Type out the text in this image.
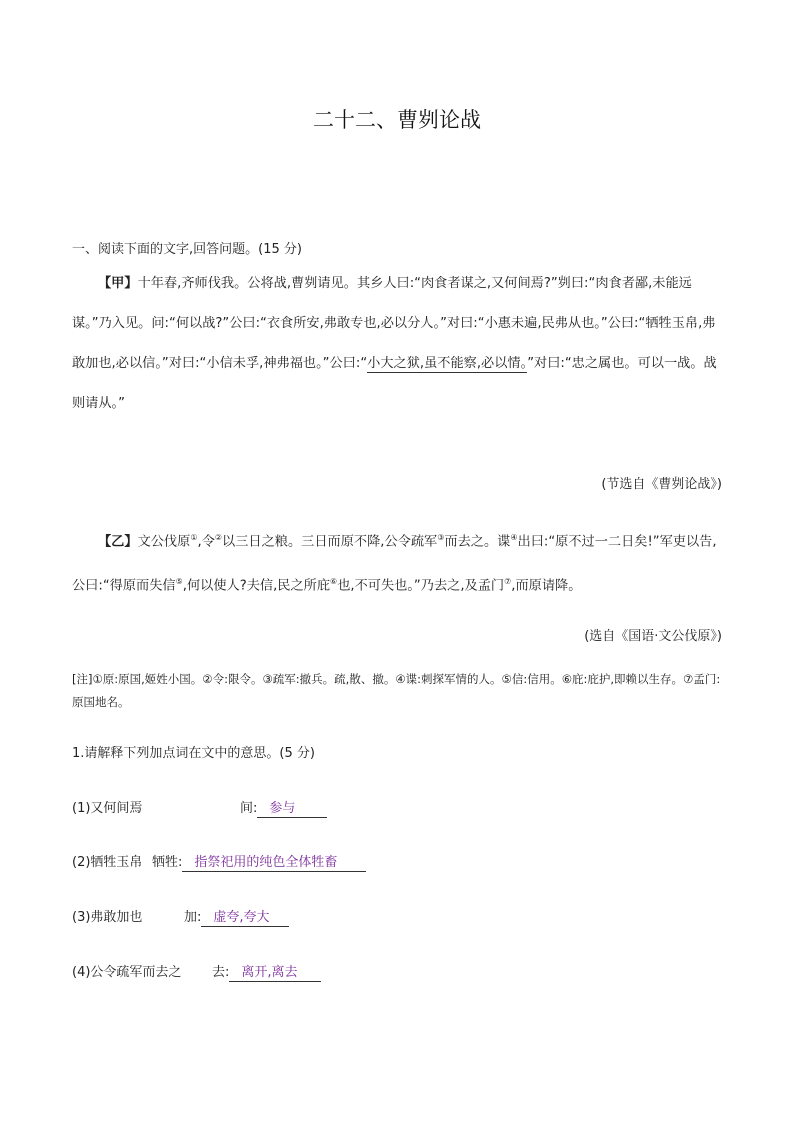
二十二、曹刿论战
一、阅读下面的文字,回答问题。(15 分)
【甲】十年春,齐师伐我。公将战,曹刿请见。其乡人曰:“肉食者谋之,又何间焉?”刿曰:“肉食者鄙,未能远谋。”乃入见。问:“何以战?”公曰:“衣食所安,弗敢专也,必以分人。”对曰:“小惠未遍,民弗从也。”公曰:“牺牲玉帛,弗敢加也,必以信。”对曰:“小信未孚,神弗福也。”公曰:“小大之狱,虽不能察,必以情。”对曰:“忠之属也。可以一战。战则请从。”
(节选自《曹刿论战》)
【乙】文公伐原①,令②以三日之粮。三日而原不降,公令疏军③而去之。谍④出曰:“原不过一二日矣!”军吏以告,公曰:“得原而失信⑤,何以使人?夫信,民之所庇⑥也,不可失也。”乃去之,及孟门⑦,而原请降。
(选自《国语·文公伐原》)
[注]①原:原国,姬姓小国。②令:限令。③疏军:撤兵。疏,散、撤。④谍:刺探军情的人。⑤信:信用。⑥庇:庇护,即赖以生存。⑦孟门:原国地名。
1.请解释下列加点词在文中的意思。(5 分)
(1)又何间焉	间: 参与
(2)牺牲玉帛 牺牲: 指祭祀用的纯色全体牲畜
(3)弗敢加也	加: 虚夸,夸大
(4)公令疏军而去之 去: 离开,离去
